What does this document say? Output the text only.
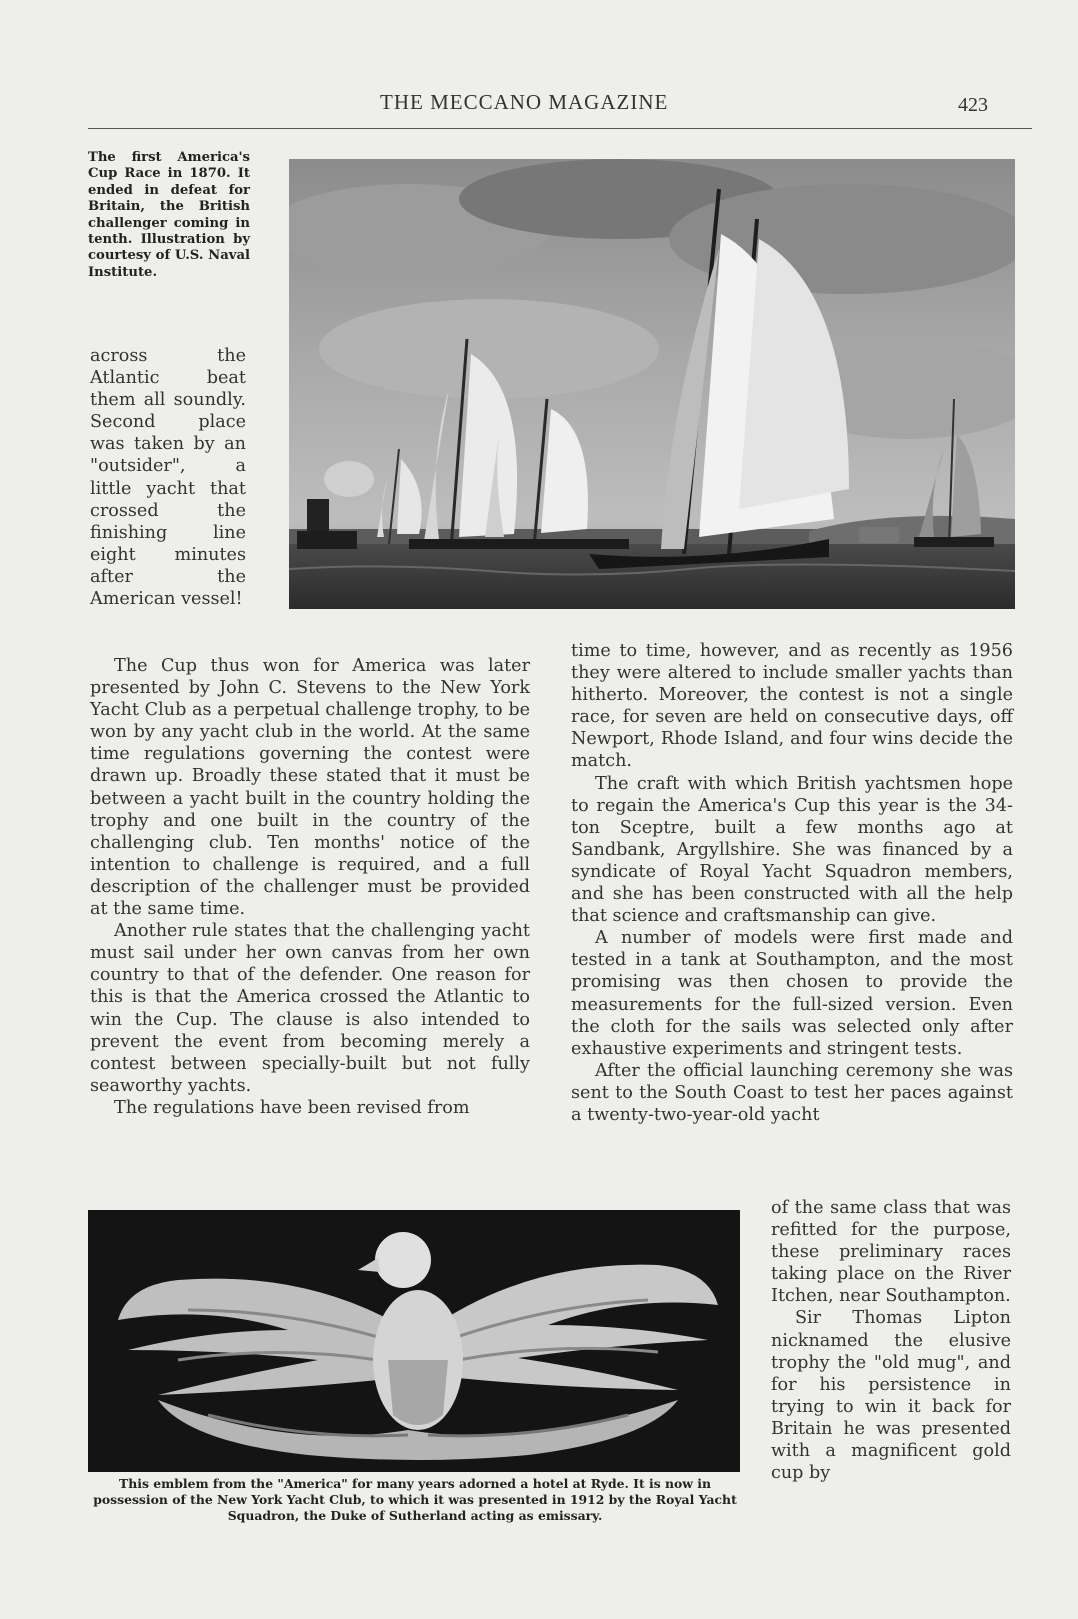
THE MECCANO MAGAZINE	423
The first America's Cup Race in 1870. It ended in defeat for Britain, the British challenger coming in tenth. Illustration by courtesy of U.S. Naval Institute.
across the Atlantic beat them all soundly. Second place was taken by an "outsider", a little yacht that crossed the finishing line eight minutes after the American vessel!

The Cup thus won for America was later presented by John C. Stevens to the New York Yacht Club as a perpetual challenge trophy, to be won by any yacht club in the world. At the same time regulations governing the contest were drawn up. Broadly these stated that it must be between a yacht built in the country holding the trophy and one built in the country of the challenging club. Ten months' notice of the intention to challenge is required, and a full description of the challenger must be provided at the same time.

Another rule states that the challenging yacht must sail under her own canvas from her own country to that of the defender. One reason for this is that the America crossed the Atlantic to win the Cup. The clause is also intended to prevent the event from becoming merely a contest between specially-built but not fully seaworthy yachts.

The regulations have been revised from

time to time, however, and as recently as 1956 they were altered to include smaller yachts than hitherto. Moreover, the contest is not a single race, for seven are held on consecutive days, off Newport, Rhode Island, and four wins decide the match.

The craft with which British yachtsmen hope to regain the America's Cup this year is the 34-ton Sceptre, built a few months ago at Sandbank, Argyllshire. She was financed by a syndicate of Royal Yacht Squadron members, and she has been constructed with all the help that science and craftsmanship can give.

A number of models were first made and tested in a tank at Southampton, and the most promising was then chosen to provide the measurements for the full-sized version. Even the cloth for the sails was selected only after exhaustive experiments and stringent tests.

After the official launching ceremony she was sent to the South Coast to test her paces against a twenty-two-year-old yacht

This emblem from the "America" for many years adorned a hotel at Ryde. It is now in possession of the New York Yacht Club, to which it was presented in 1912 by the Royal Yacht Squadron, the Duke of Sutherland acting as emissary.

of the same class that was refitted for the purpose, these preliminary races taking place on the River Itchen, near Southampton.

Sir Thomas Lipton nicknamed the elusive trophy the "old mug", and for his persistence in trying to win it back for Britain he was presented with a magnificent gold cup by
